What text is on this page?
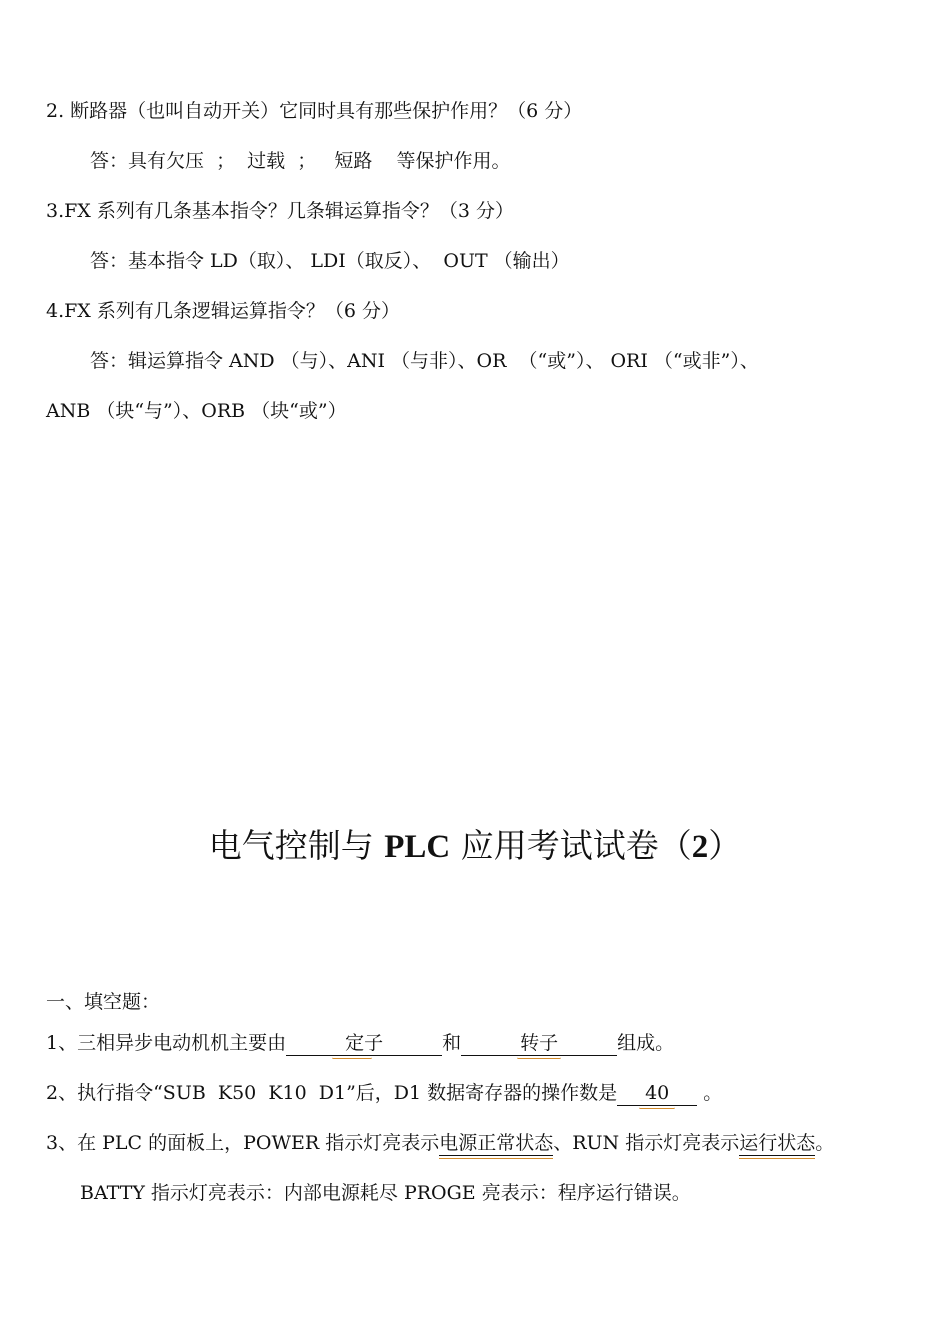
2. 断路器（也叫自动开关）它同时具有那些保护作用？（6 分）
答：具有欠压  ；  过载  ；   短路    等保护作用。
3.FX 系列有几条基本指令？几条辑运算指令？（3 分）
答：基本指令 LD（取）、 LDI（取反）、  OUT （输出）
4.FX 系列有几条逻辑运算指令？（6 分）
答：辑运算指令 AND （与）、ANI （与非）、OR  （“或”）、 ORI （“或非”）、
ANB （块“与”）、ORB （块“或”）
电气控制与 PLC 应用考试试卷（2）
一、填空题：
1、三相异步电动机机主要由	定子	和	转子	组成。
2、执行指令“SUB  K50  K10  D1”后，D1 数据寄存器的操作数是 40
。
3、在 PLC 的面板上，POWER 指示灯亮表示电源正常状态
、RUN 指示灯亮表示运行状态
。
BATTY 指示灯亮表示：内部电源耗尽 PROGE 亮表示：程序运行错误。
